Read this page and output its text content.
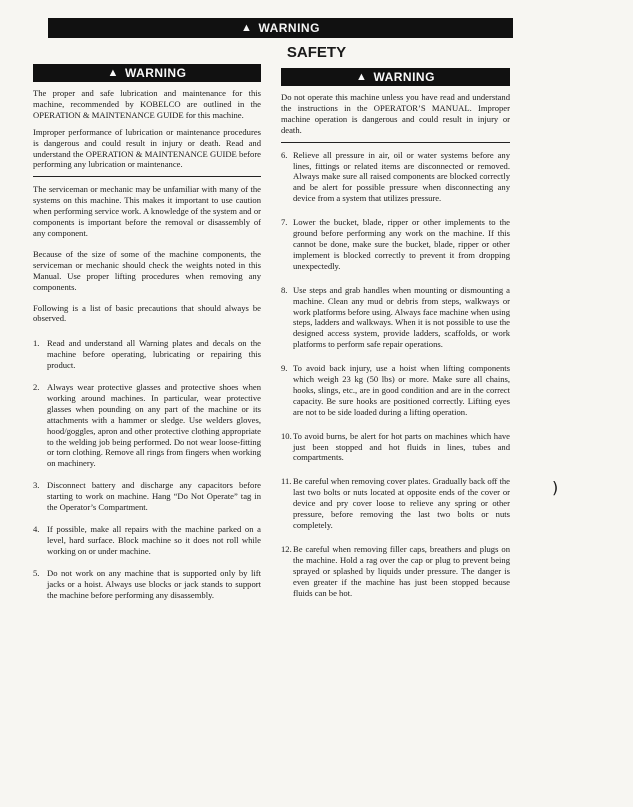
▲ WARNING
SAFETY
▲ WARNING

The proper and safe lubrication and maintenance for this machine, recommended by KOBELCO are outlined in the OPERATION & MAINTENANCE GUIDE for this machine.

Improper performance of lubrication or maintenance procedures is dangerous and could result in injury or death. Read and understand the OPERATION & MAINTENANCE GUIDE before performing any lubrication or maintenance.

The serviceman or mechanic may be unfamiliar with many of the systems on this machine. This makes it important to use caution when performing service work. A knowledge of the system and or components is important before the removal or disassembly of any component.

Because of the size of some of the machine components, the serviceman or mechanic should check the weights noted in this Manual. Use proper lifting procedures when removing any components.

Following is a list of basic precautions that should always be observed.

1. Read and understand all Warning plates and decals on the machine before operating, lubricating or repairing this product.

2. Always wear protective glasses and protective shoes when working around machines. In particular, wear protective glasses when pounding on any part of the machine or its attachments with a hammer or sledge. Use welders gloves, hood/goggles, apron and other protective clothing appropriate to the welding job being performed. Do not wear loose-fitting or torn clothing. Remove all rings from fingers when working on machinery.

3. Disconnect battery and discharge any capacitors before starting to work on machine. Hang “Do Not Operate” tag in the Operator’s Compartment.

4. If possible, make all repairs with the machine parked on a level, hard surface. Block machine so it does not roll while working on or under machine.

5. Do not work on any machine that is supported only by lift jacks or a hoist. Always use blocks or jack stands to support the machine before performing any disassembly.

▲ WARNING

Do not operate this machine unless you have read and understand the instructions in the OPERATOR’S MANUAL. Improper machine operation is dangerous and could result in injury or death.

6. Relieve all pressure in air, oil or water systems before any lines, fittings or related items are disconnected or removed. Always make sure all raised components are blocked correctly and be alert for possible pressure when disconnecting any device from a system that utilizes pressure.

7. Lower the bucket, blade, ripper or other implements to the ground before performing any work on the machine. If this cannot be done, make sure the bucket, blade, ripper or other implement is blocked correctly to prevent it from dropping unexpectedly.

8. Use steps and grab handles when mounting or dismounting a machine. Clean any mud or debris from steps, walkways or work platforms before using. Always face machine when using steps, ladders and walkways. When it is not possible to use the designed access system, provide ladders, scaffolds, or work platforms to perform safe repair operations.

9. To avoid back injury, use a hoist when lifting components which weigh 23 kg (50 lbs) or more. Make sure all chains, hooks, slings, etc., are in good condition and are in the correct capacity. Be sure hooks are positioned correctly. Lifting eyes are not to be side loaded during a lifting operation.

10. To avoid burns, be alert for hot parts on machines which have just been stopped and hot fluids in lines, tubes and compartments.

11. Be careful when removing cover plates. Gradually back off the last two bolts or nuts located at opposite ends of the cover or device and pry cover loose to relieve any spring or other pressure, before removing the last two bolts or nuts completely.

12. Be careful when removing filler caps, breathers and plugs on the machine. Hold a rag over the cap or plug to prevent being sprayed or splashed by liquids under pressure. The danger is even greater if the machine has just been stopped because fluids can be hot.

)
